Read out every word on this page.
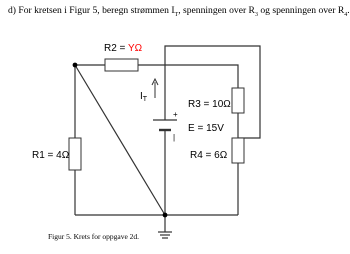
d) For kretsen i Figur 5, beregn strømmen $I_T$, spenningen over $R_3$ og spenningen over $R_4$.
+
|
$I_T$
R2 = YΩ
R1 = 4Ω
R3 = 10Ω
E = 15V
R4 = 6Ω
Figur 5. Krets for oppgave 2d.
